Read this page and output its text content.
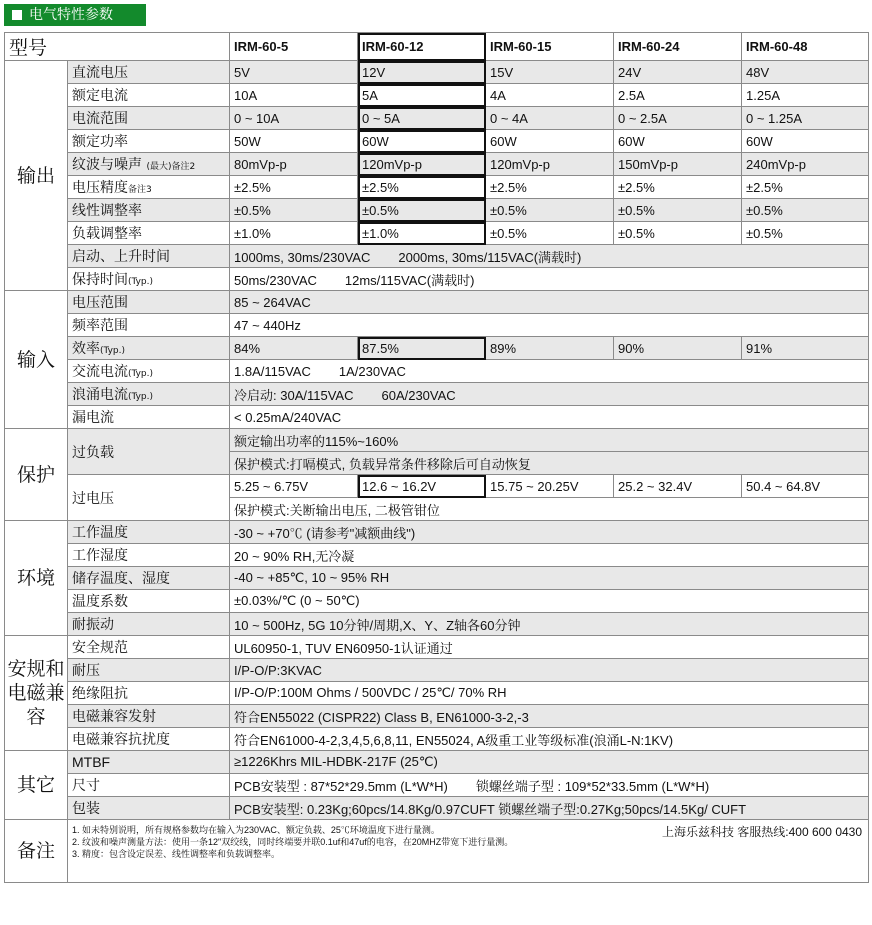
电气特性参数
型号		IRM-60-5	IRM-60-12	IRM-60-15	IRM-60-24	IRM-60-48
输出	直流电压	5V	12V	15V	24V	48V
	额定电流	10A	5A	4A	2.5A	1.25A
	电流范围	0 ~ 10A	0 ~ 5A	0 ~ 4A	0 ~ 2.5A	0 ~ 1.25A
	额定功率	50W	60W	60W	60W	60W
	纹波与噪声 (最大)备注2	80mVp-p	120mVp-p	120mVp-p	150mVp-p	240mVp-p
	电压精度备注3	±2.5%	±2.5%	±2.5%	±2.5%	±2.5%
	线性调整率	±0.5%	±0.5%	±0.5%	±0.5%	±0.5%
	负载调整率	±1.0%	±1.0%	±0.5%	±0.5%	±0.5%
	启动、上升时间	1000ms, 30ms/230VAC 2000ms, 30ms/115VAC(满载时)				
	保持时间(Typ.)	50ms/230VAC 12ms/115VAC(满载时)				
输入	电压范围	85 ~ 264VAC				
	频率范围	47 ~ 440Hz				
	效率(Typ.)	84%	87.5%	89%	90%	91%
	交流电流(Typ.)	1.8A/115VAC 1A/230VAC				
	浪涌电流(Typ.)	冷启动: 30A/115VAC 60A/230VAC				
	漏电流	< 0.25mA/240VAC				
保护	过负载	额定输出功率的115%~160%				
		保护模式:打嗝模式, 负载异常条件移除后可自动恢复				
	过电压	5.25 ~ 6.75V	12.6 ~ 16.2V	15.75 ~ 20.25V	25.2 ~ 32.4V	50.4 ~ 64.8V
		保护模式:关断输出电压, 二极管钳位				
环境	工作温度	-30 ~ +70℃ (请参考"减额曲线")				
	工作湿度	20 ~ 90% RH,无冷凝				
	储存温度、湿度	-40 ~ +85℃, 10 ~ 95% RH				
	温度系数	±0.03%/℃ (0 ~ 50℃)				
	耐振动	10 ~ 500Hz, 5G 10分钟/周期,X、Y、Z轴各60分钟				
安规和电磁兼容	安全规范	UL60950-1, TUV EN60950-1认证通过				
	耐压	I/P-O/P:3KVAC				
	绝缘阻抗	I/P-O/P:100M Ohms / 500VDC / 25℃/ 70% RH				
	电磁兼容发射	符合EN55022 (CISPR22) Class B, EN61000-3-2,-3				
	电磁兼容抗扰度	符合EN61000-4-2,3,4,5,6,8,11, EN55024, A级重工业等级标准(浪涌L-N:1KV)				
其它	MTBF	≥1226Khrs MIL-HDBK-217F (25℃)				
	尺寸	PCB安装型 : 87*52*29.5mm (L*W*H) 锁螺丝端子型 : 109*52*33.5mm (L*W*H)				
	包装	PCB安装型: 0.23Kg;60pcs/14.8Kg/0.97CUFT 锁螺丝端子型:0.27Kg;50pcs/14.5Kg/ CUFT				
备注	1. 如未特别说明，所有规格参数均在输入为230VAC、额定负载、25℃环境温度下进行量测。
2. 纹波和噪声测量方法：使用一条12"双绞线，同时终端要并联0.1uf和47uf的电容，在20MHZ带宽下进行量测。
3. 精度：包含设定误差、线性调整率和负载调整率。
上海乐兹科技 客服热线:400 600 0430					
